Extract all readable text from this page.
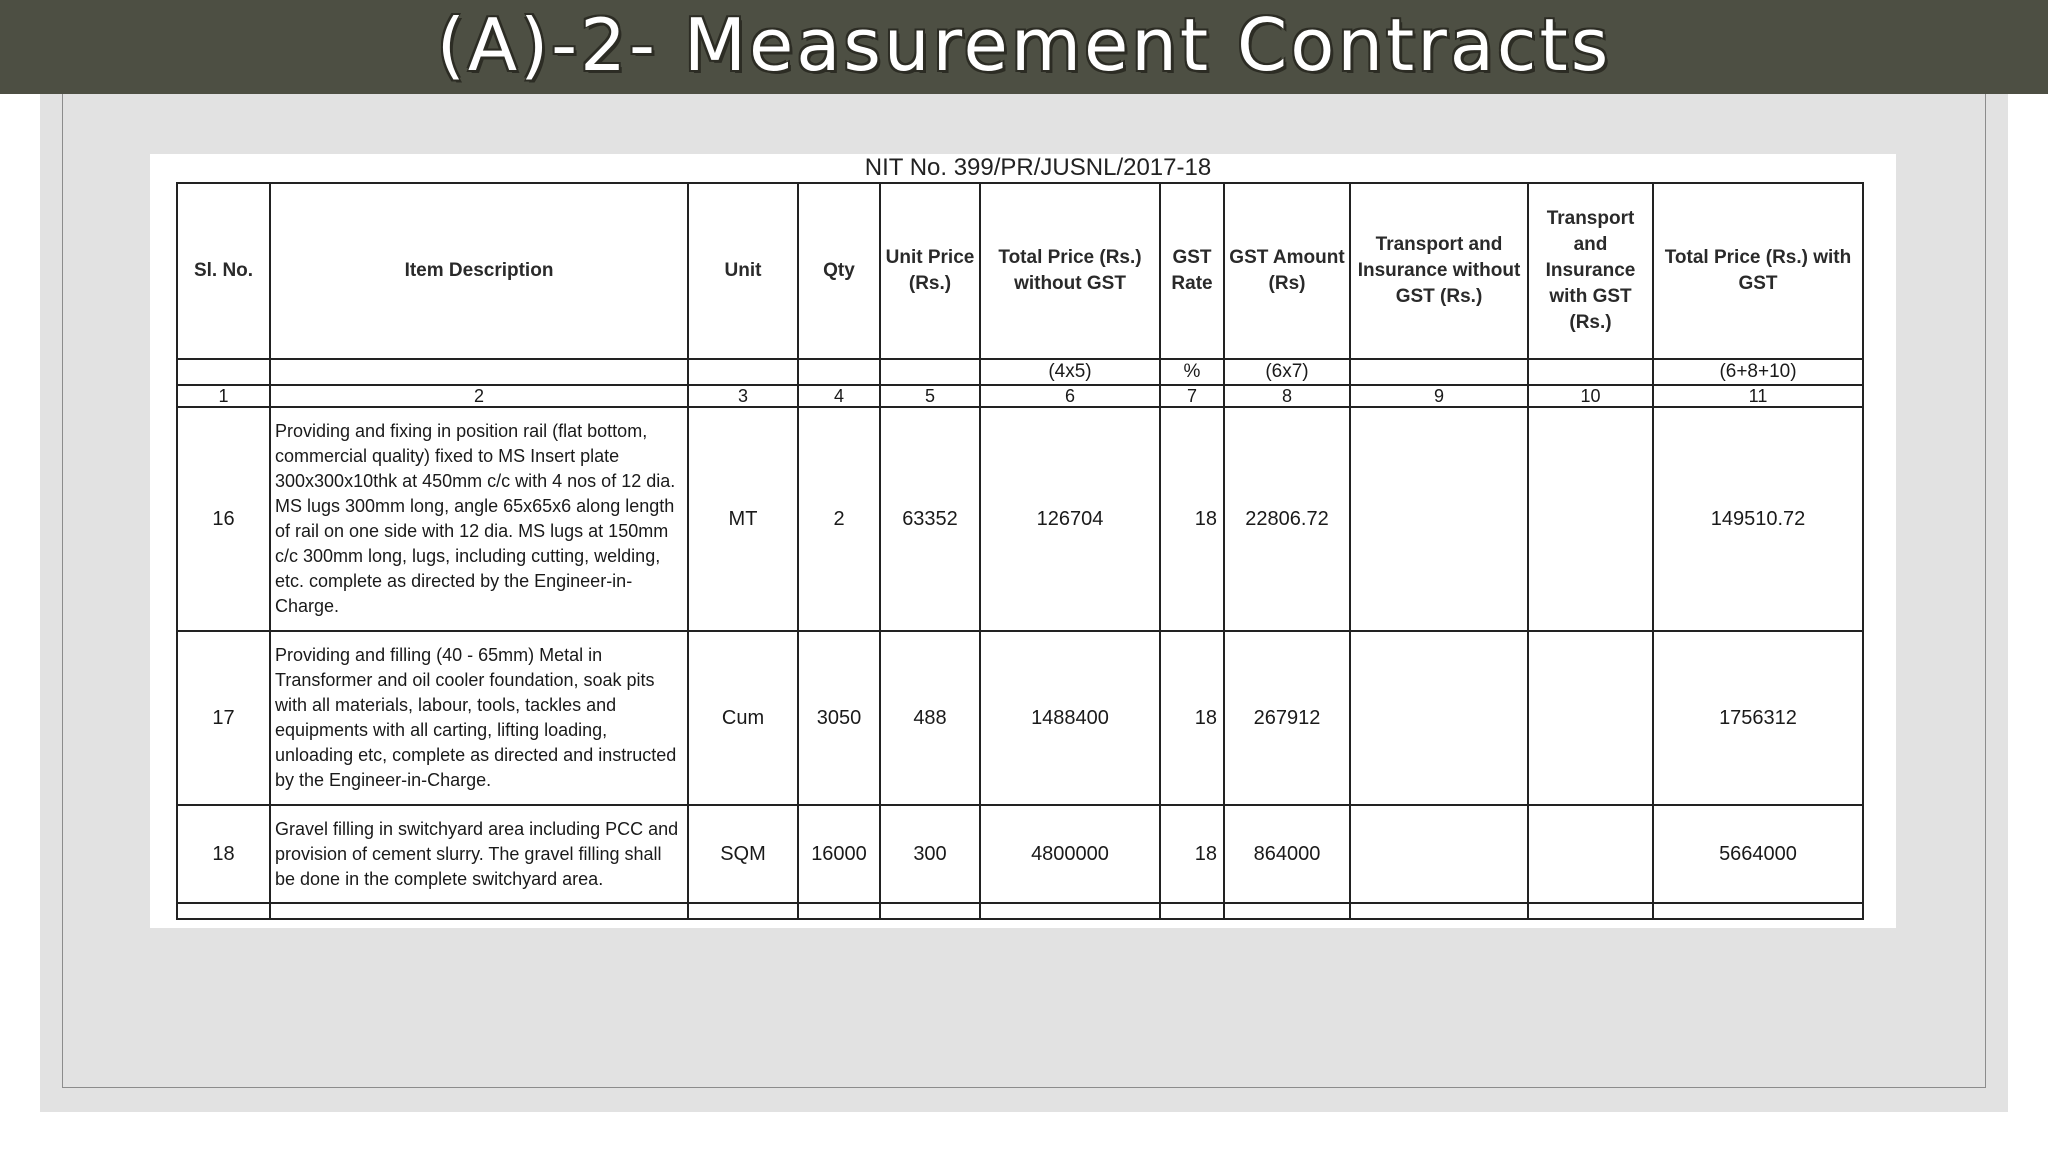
(A)-2- Measurement Contracts
NIT No. 399/PR/JUSNL/2017-18
Sl. No.	Item Description	Unit	Qty	Unit Price (Rs.)	Total Price (Rs.) without GST	GST Rate	GST Amount (Rs)	Transport and Insurance without GST (Rs.)	Transport and Insurance with GST (Rs.)	Total Price (Rs.) with GST
					(4x5)	%	(6x7)			(6+8+10)
1	2	3	4	5	6	7	8	9	10	11
16	Providing and fixing in position rail (flat bottom, commercial quality) fixed to MS Insert plate 300x300x10thk at 450mm c/c with 4 nos of 12 dia. MS lugs 300mm long, angle 65x65x6 along length of rail on one side with 12 dia. MS lugs at 150mm c/c 300mm long, lugs, including cutting, welding, etc. complete as directed by the Engineer-in-Charge.	MT	2	63352	126704	18	22806.72			149510.72
17	Providing and filling (40 - 65mm) Metal in Transformer and oil cooler foundation, soak pits with all materials, labour, tools, tackles and equipments with all carting, lifting loading, unloading etc, complete as directed and instructed by the Engineer-in-Charge.	Cum	3050	488	1488400	18	267912			1756312
18	Gravel filling in switchyard area including PCC and provision of cement slurry. The gravel filling shall be done in the complete switchyard area.	SQM	16000	300	4800000	18	864000			5664000
